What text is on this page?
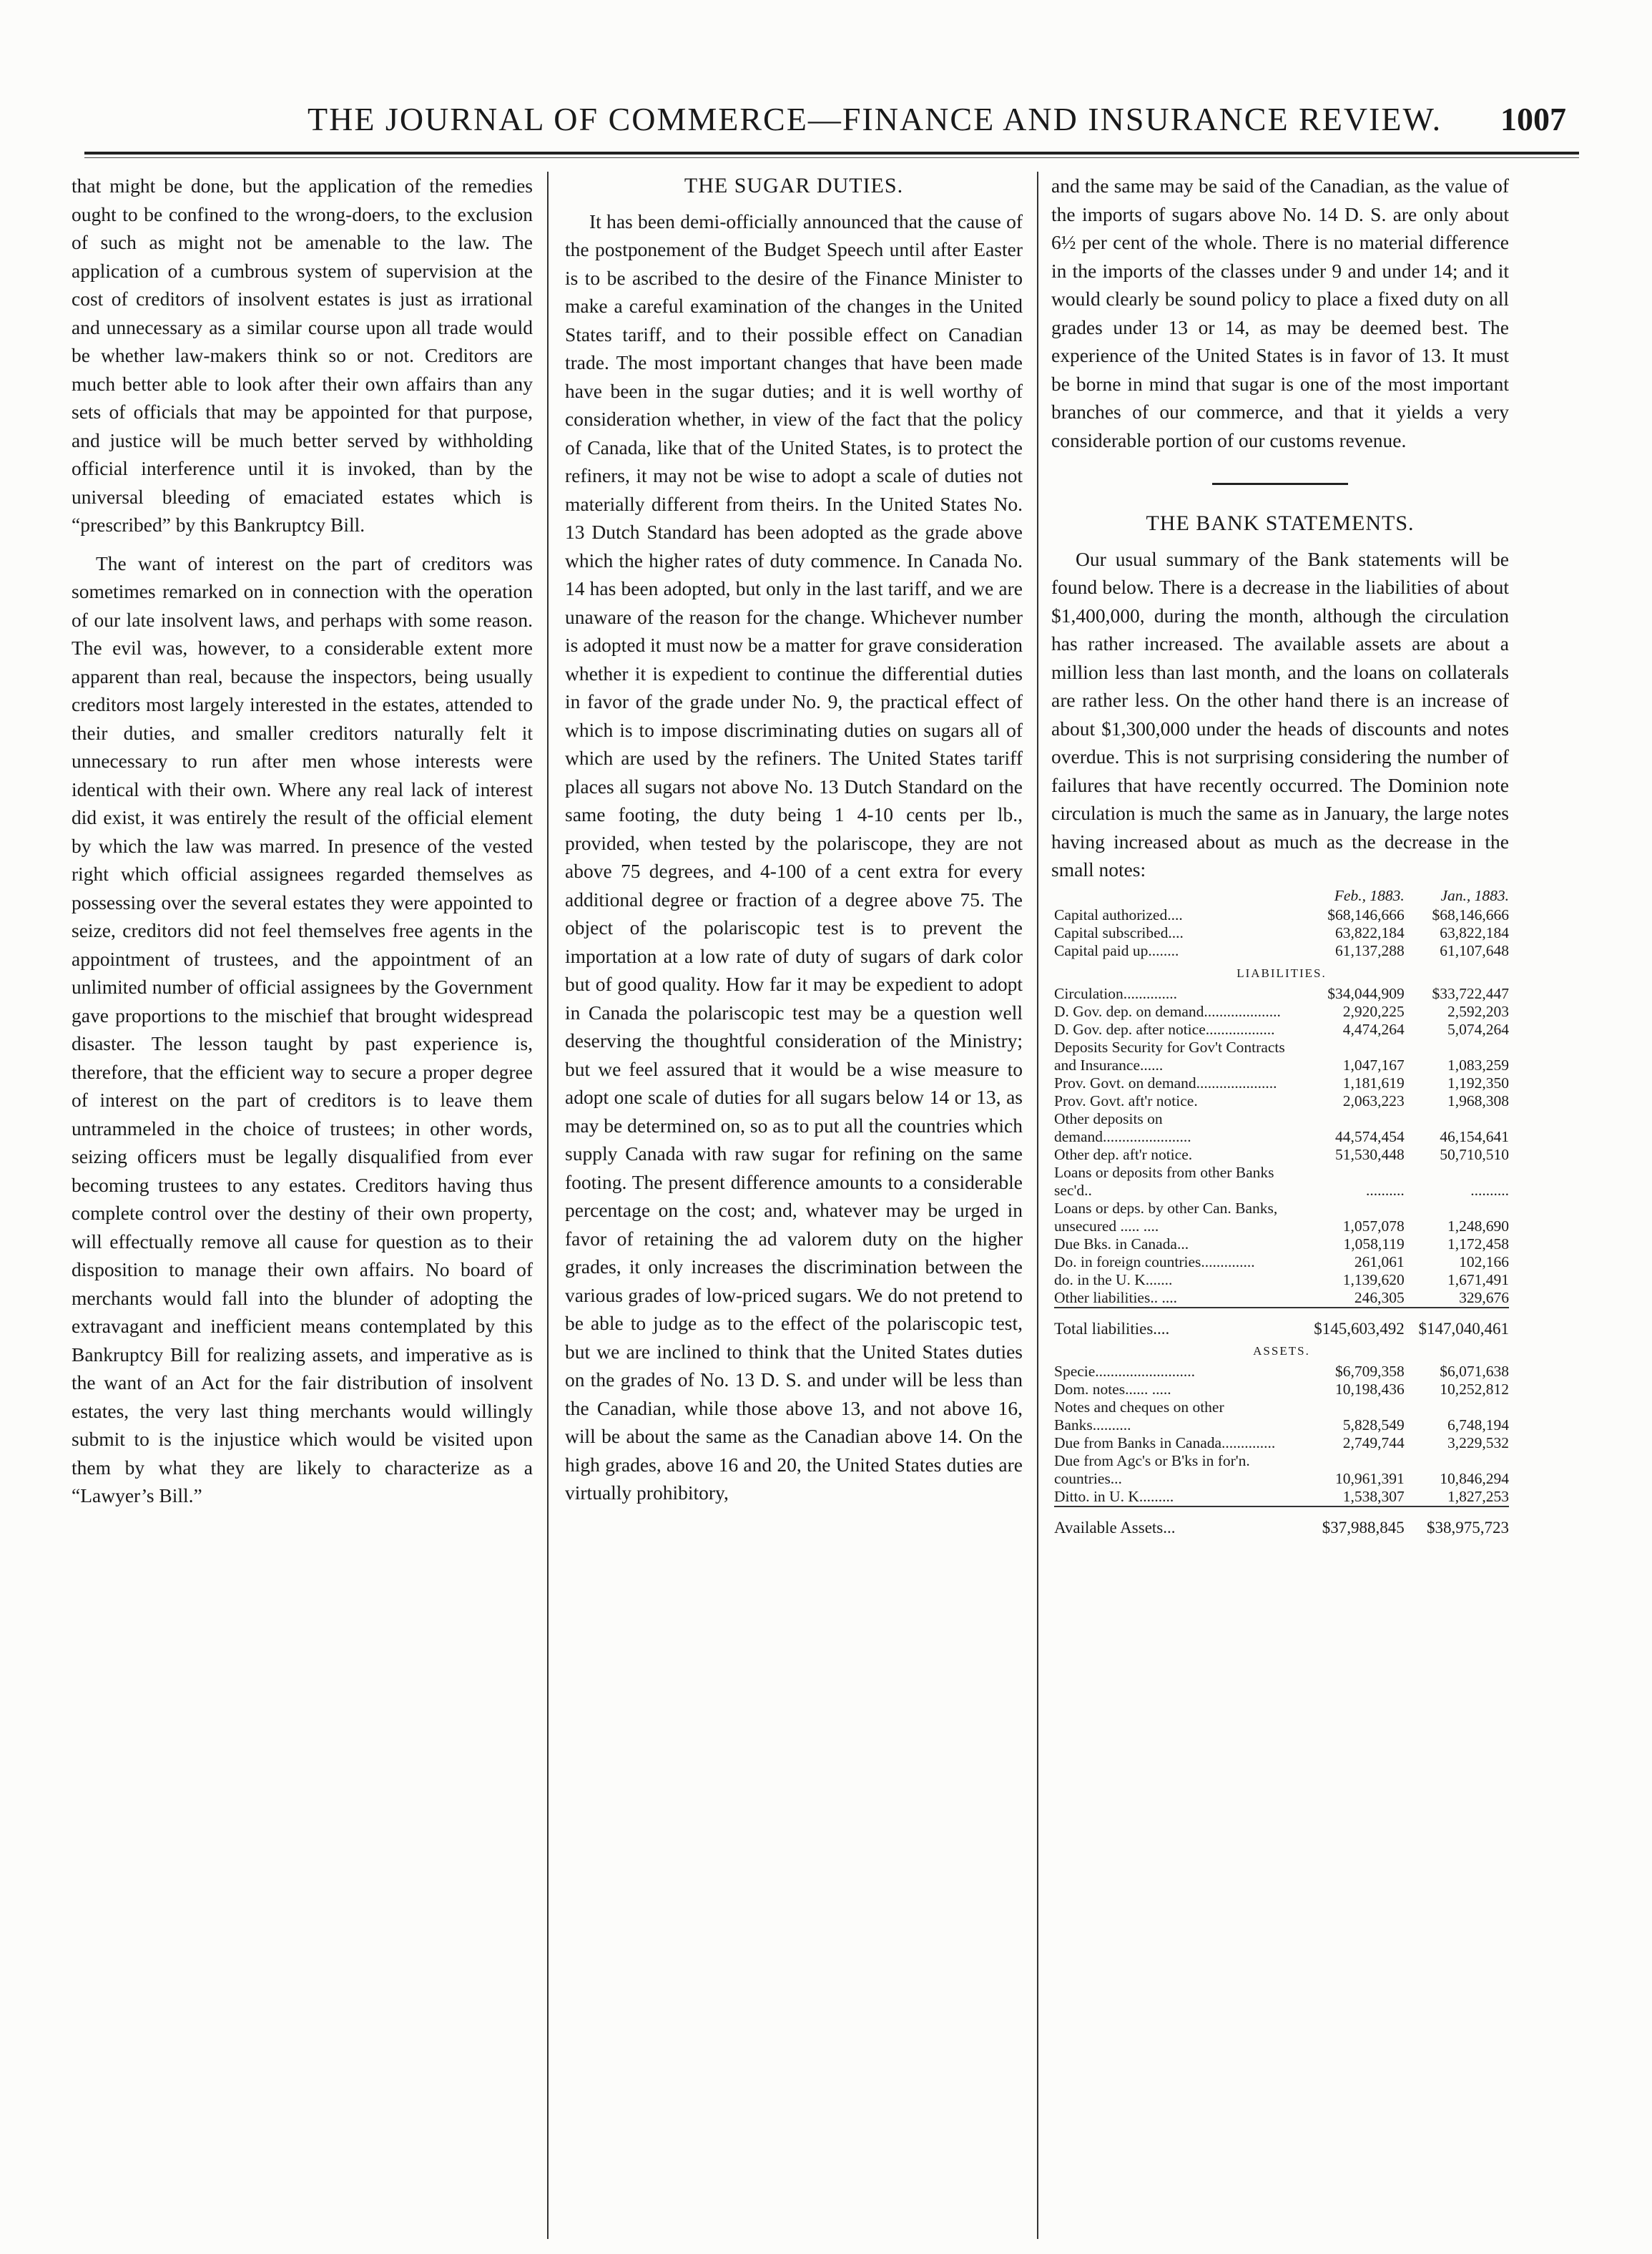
THE JOURNAL OF COMMERCE—FINANCE AND INSURANCE REVIEW. 1007

that might be done, but the application of the remedies ought to be confined to the wrong-doers, to the exclusion of such as might not be amenable to the law. The application of a cumbrous system of supervision at the cost of creditors of insolvent estates is just as irrational and unnecessary as a similar course upon all trade would be whether law-makers think so or not. Creditors are much better able to look after their own affairs than any sets of officials that may be appointed for that purpose, and justice will be much better served by withholding official interference until it is invoked, than by the universal bleeding of emaciated estates which is “prescribed” by this Bankruptcy Bill.

The want of interest on the part of creditors was sometimes remarked on in connection with the operation of our late insolvent laws, and perhaps with some reason. The evil was, however, to a considerable extent more apparent than real, because the inspectors, being usually creditors most largely interested in the estates, attended to their duties, and smaller creditors naturally felt it unnecessary to run after men whose interests were identical with their own. Where any real lack of interest did exist, it was entirely the result of the official element by which the law was marred. In presence of the vested right which official assignees regarded themselves as possessing over the several estates they were appointed to seize, creditors did not feel themselves free agents in the appointment of trustees, and the appointment of an unlimited number of official assignees by the Government gave proportions to the mischief that brought widespread disaster. The lesson taught by past experience is, therefore, that the efficient way to secure a proper degree of interest on the part of creditors is to leave them untrammeled in the choice of trustees; in other words, seizing officers must be legally disqualified from ever becoming trustees to any estates. Creditors having thus complete control over the destiny of their own property, will effectually remove all cause for question as to their disposition to manage their own affairs. No board of merchants would fall into the blunder of adopting the extravagant and inefficient means contemplated by this Bankruptcy Bill for realizing assets, and imperative as is the want of an Act for the fair distribution of insolvent estates, the very last thing merchants would willingly submit to is the injustice which would be visited upon them by what they are likely to characterize as a “Lawyer’s Bill.”

THE SUGAR DUTIES.

It has been demi-officially announced that the cause of the postponement of the Budget Speech until after Easter is to be ascribed to the desire of the Finance Minister to make a careful examination of the changes in the United States tariff, and to their possible effect on Canadian trade. The most important changes that have been made have been in the sugar duties; and it is well worthy of consideration whether, in view of the fact that the policy of Canada, like that of the United States, is to protect the refiners, it may not be wise to adopt a scale of duties not materially different from theirs. In the United States No. 13 Dutch Standard has been adopted as the grade above which the higher rates of duty commence. In Canada No. 14 has been adopted, but only in the last tariff, and we are unaware of the reason for the change. Whichever number is adopted it must now be a matter for grave consideration whether it is expedient to continue the differential duties in favor of the grade under No. 9, the practical effect of which is to impose discriminating duties on sugars all of which are used by the refiners. The United States tariff places all sugars not above No. 13 Dutch Standard on the same footing, the duty being 1 4-10 cents per lb., provided, when tested by the polariscope, they are not above 75 degrees, and 4-100 of a cent extra for every additional degree or fraction of a degree above 75. The object of the polariscopic test is to prevent the importation at a low rate of duty of sugars of dark color but of good quality. How far it may be expedient to adopt in Canada the polariscopic test may be a question well deserving the thoughtful consideration of the Ministry; but we feel assured that it would be a wise measure to adopt one scale of duties for all sugars below 14 or 13, as may be determined on, so as to put all the countries which supply Canada with raw sugar for refining on the same footing. The present difference amounts to a considerable percentage on the cost; and, whatever may be urged in favor of retaining the ad valorem duty on the higher grades, it only increases the discrimination between the various grades of low-priced sugars. We do not pretend to be able to judge as to the effect of the polariscopic test, but we are inclined to think that the United States duties on the grades of No. 13 D. S. and under will be less than the Canadian, while those above 13, and not above 16, will be about the same as the Canadian above 14. On the high grades, above 16 and 20, the United States duties are virtually prohibitory,

and the same may be said of the Canadian, as the value of the imports of sugars above No. 14 D. S. are only about 6½ per cent of the whole. There is no material difference in the imports of the classes under 9 and under 14; and it would clearly be sound policy to place a fixed duty on all grades under 13 or 14, as may be deemed best. The experience of the United States is in favor of 13. It must be borne in mind that sugar is one of the most important branches of our commerce, and that it yields a very considerable portion of our customs revenue.

THE BANK STATEMENTS.

Our usual summary of the Bank statements will be found below. There is a decrease in the liabilities of about $1,400,000, during the month, although the circulation has rather increased. The available assets are about a million less than last month, and the loans on collaterals are rather less. On the other hand there is an increase of about $1,300,000 under the heads of discounts and notes overdue. This is not surprising considering the number of failures that have recently occurred. The Dominion note circulation is much the same as in January, the large notes having increased about as much as the decrease in the small notes:

	Feb., 1883.	Jan., 1883.
Capital authorized....	$68,146,666	$68,146,666
Capital subscribed....	63,822,184	63,822,184
Capital paid up........	61,137,288	61,107,648
LIABILITIES.		
Circulation..............	$34,044,909	$33,722,447
D. Gov. dep. on demand....................	2,920,225	2,592,203
D. Gov. dep. after notice..................	4,474,264	5,074,264
Deposits Security for Gov't Contracts and Insurance......	1,047,167	1,083,259
Prov. Govt. on demand.....................	1,181,619	1,192,350
Prov. Govt. aft'r notice.	2,063,223	1,968,308
Other deposits on demand.......................	44,574,454	46,154,641
Other dep. aft'r notice.	51,530,448	50,710,510
Loans or deposits from other Banks sec'd..	..........	..........
Loans or deps. by other Can. Banks, unsecured ..... ....	1,057,078	1,248,690
Due Bks. in Canada...	1,058,119	1,172,458
Do. in foreign countries..............	261,061	102,166
do. in the U. K.......	1,139,620	1,671,491
Other liabilities.. ....	246,305	329,676
Total liabilities....	$145,603,492	$147,040,461
ASSETS.		
Specie..........................	$6,709,358	$6,071,638
Dom. notes...... .....	10,198,436	10,252,812
Notes and cheques on other Banks..........	5,828,549	6,748,194
Due from Banks in Canada..............	2,749,744	3,229,532
Due from Agc's or B'ks in for'n. countries...	10,961,391	10,846,294
Ditto. in U. K.........	1,538,307	1,827,253
Available Assets...	$37,988,845	$38,975,723
